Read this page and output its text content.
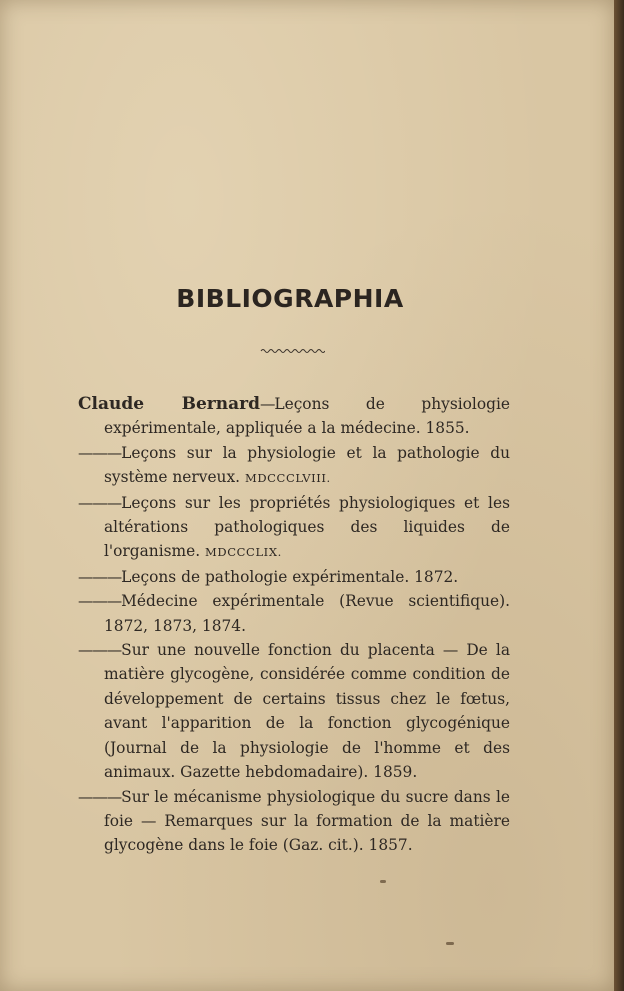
BIBLIOGRAPHIA

Claude Bernard—Leçons de physiologie expérimentale, appliquée a la médecine. 1855.

———Leçons sur la physiologie et la pathologie du système nerveux. MDCCCLVIII.

———Leçons sur les propriétés physiologiques et les altérations pathologiques des liquides de l'organisme. MDCCCLIX.

———Leçons de pathologie expérimentale. 1872.

———Médecine expérimentale (Revue scientifique). 1872, 1873, 1874.

———Sur une nouvelle fonction du placenta — De la matière glycogène, considérée comme condition de développement de certains tissus chez le fœtus, avant l'apparition de la fonction glycogénique (Journal de la physiologie de l'homme et des animaux. Gazette hebdomadaire). 1859.

———Sur le mécanisme physiologique du sucre dans le foie — Remarques sur la formation de la matière glycogène dans le foie (Gaz. cit.). 1857.
